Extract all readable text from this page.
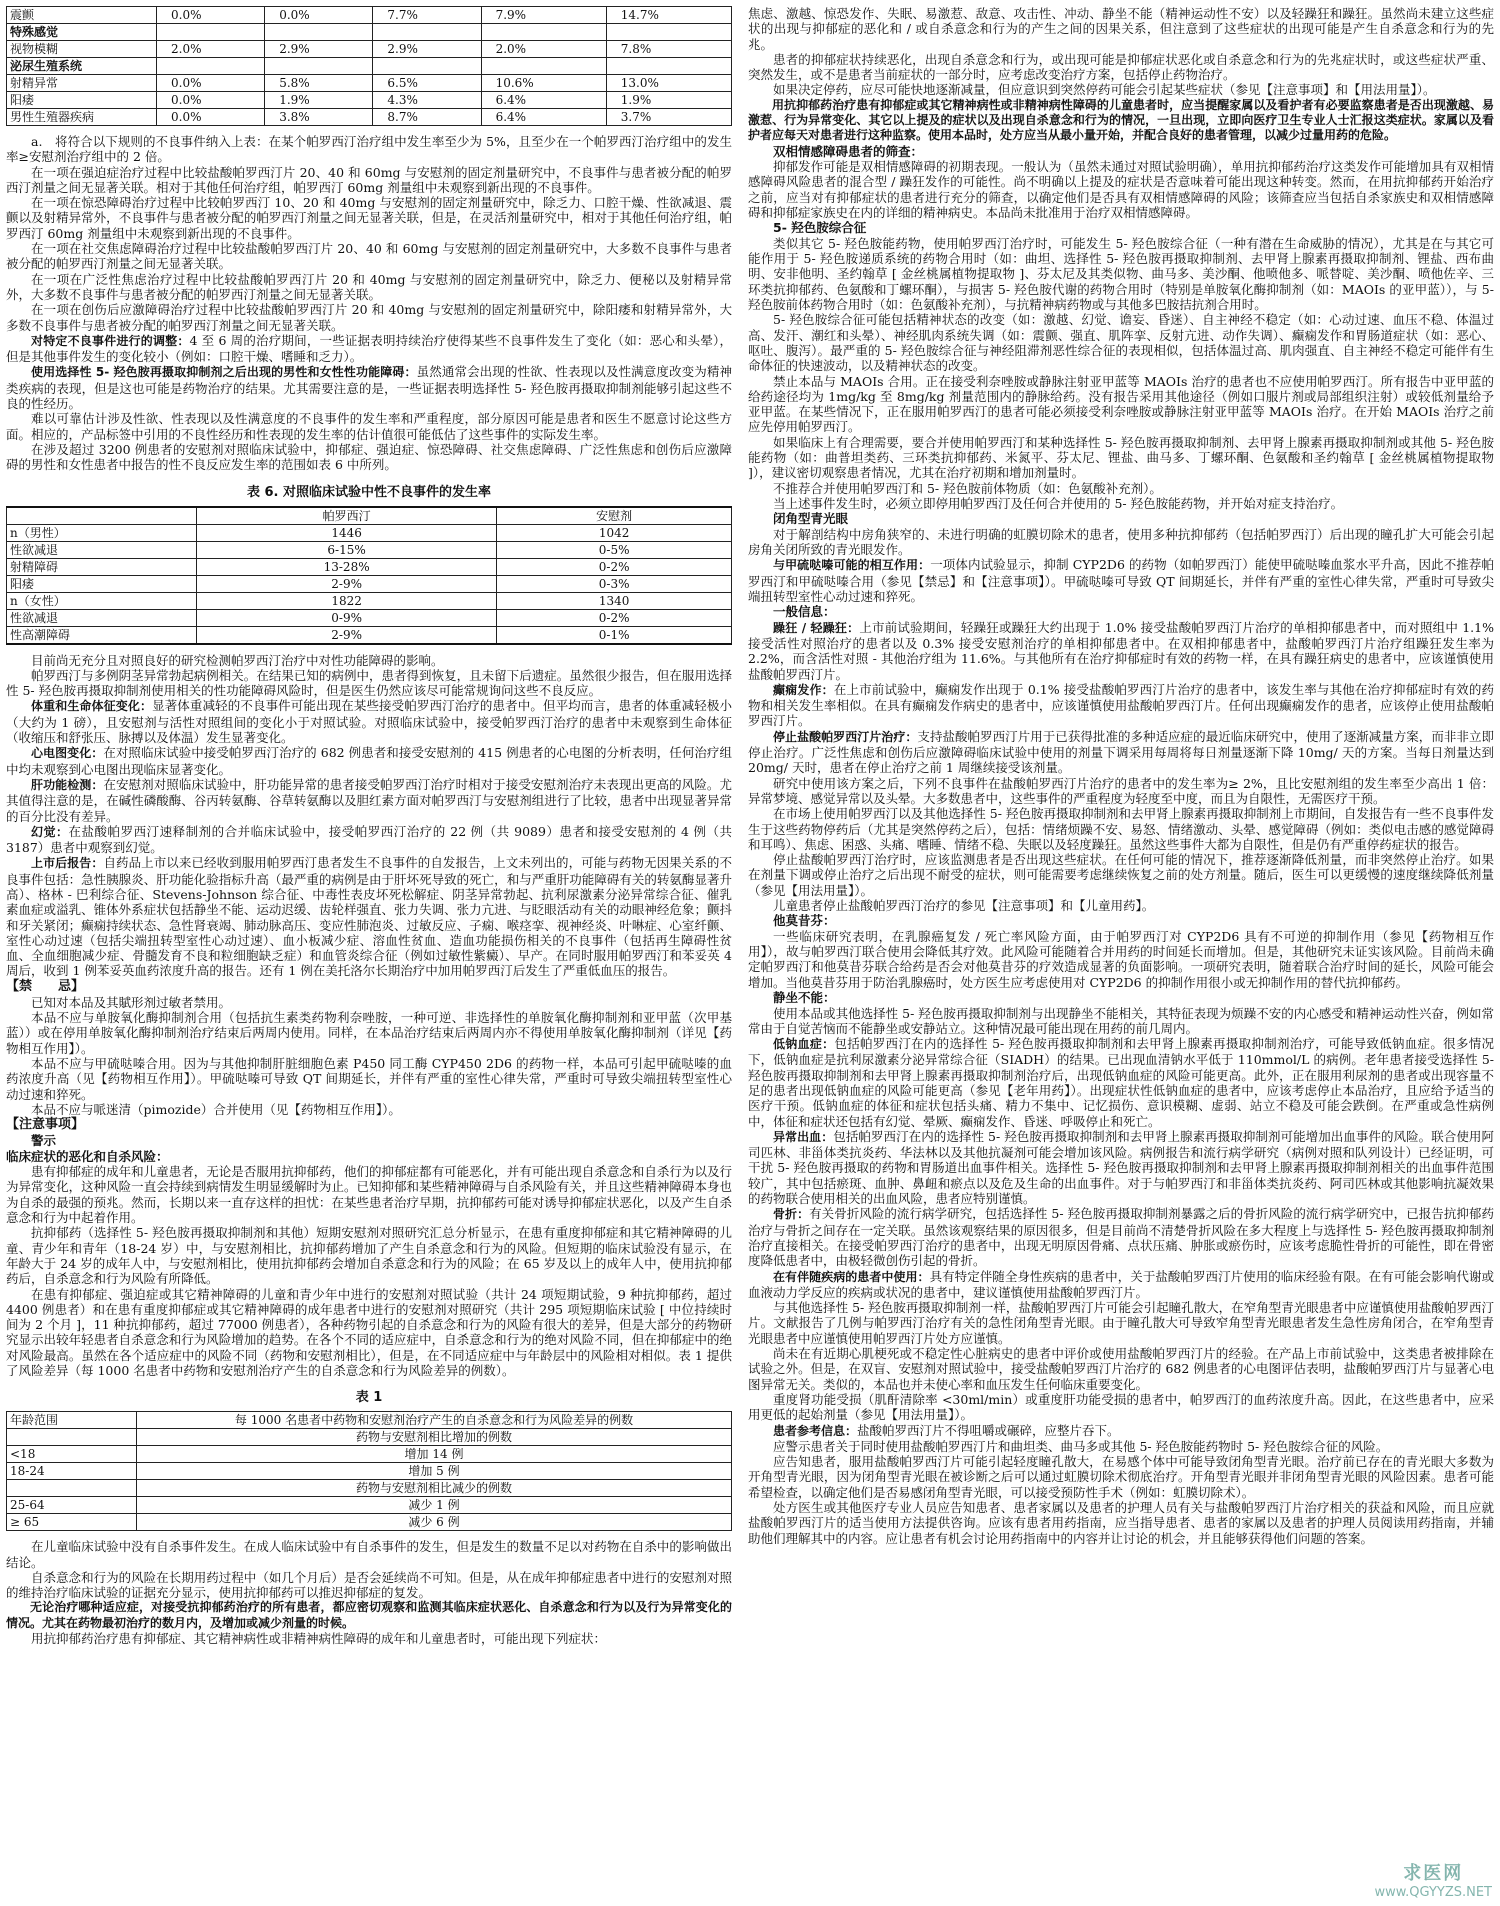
震颤	0.0%	0.0%	7.7%	7.9%	14.7%
特殊感觉					
视物模糊	2.0%	2.9%	2.9%	2.0%	7.8%
泌尿生殖系统					
射精异常	0.0%	5.8%	6.5%	10.6%	13.0%
阳痿	0.0%	1.9%	4.3%	6.4%	1.9%
男性生殖器疾病	0.0%	3.8%	8.7%	6.4%	3.7%

a.　将符合以下规则的不良事件纳入上表：在某个帕罗西汀治疗组中发生率至少为 5%，且至少在一个帕罗西汀治疗组中的发生率≥安慰剂治疗组中的 2 倍。

在一项在强迫症治疗过程中比较盐酸帕罗西汀片 20、40 和 60mg 与安慰剂的固定剂量研究中，不良事件与患者被分配的帕罗西汀剂量之间无显著关联。相对于其他任何治疗组，帕罗西汀 60mg 剂量组中未观察到新出现的不良事件。

在一项在惊恐障碍治疗过程中比较帕罗西汀 10、20 和 40mg 与安慰剂的固定剂量研究中，除乏力、口腔干燥、性欲减退、震颤以及射精异常外，不良事件与患者被分配的帕罗西汀剂量之间无显著关联，但是，在灵活剂量研究中，相对于其他任何治疗组，帕罗西汀 60mg 剂量组中未观察到新出现的不良事件。

在一项在社交焦虑障碍治疗过程中比较盐酸帕罗西汀片 20、40 和 60mg 与安慰剂的固定剂量研究中，大多数不良事件与患者被分配的帕罗西汀剂量之间无显著关联。

在一项在广泛性焦虑治疗过程中比较盐酸帕罗西汀片 20 和 40mg 与安慰剂的固定剂量研究中，除乏力、便秘以及射精异常外，大多数不良事件与患者被分配的帕罗西汀剂量之间无显著关联。

在一项在创伤后应激障碍治疗过程中比较盐酸帕罗西汀片 20 和 40mg 与安慰剂的固定剂量研究中，除阳痿和射精异常外，大多数不良事件与患者被分配的帕罗西汀剂量之间无显著关联。

对特定不良事件进行的调整：4 至 6 周的治疗期间，一些证据表明持续治疗使得某些不良事件发生了变化（如：恶心和头晕），但是其他事件发生的变化较小（例如：口腔干燥、嗜睡和乏力）。

使用选择性 5- 羟色胺再摄取抑制剂之后出现的男性和女性性功能障碍：虽然通常会出现的性欲、性表现以及性满意度改变为精神类疾病的表现，但是这也可能是药物治疗的结果。尤其需要注意的是，一些证据表明选择性 5- 羟色胺再摄取抑制剂能够引起这些不良的性经历。

难以可靠估计涉及性欲、性表现以及性满意度的不良事件的发生率和严重程度，部分原因可能是患者和医生不愿意讨论这些方面。相应的，产品标签中引用的不良性经历和性表现的发生率的估计值很可能低估了这些事件的实际发生率。

在涉及超过 3200 例患者的安慰剂对照临床试验中，抑郁症、强迫症、惊恐障碍、社交焦虑障碍、广泛性焦虑和创伤后应激障碍的男性和女性患者中报告的性不良反应发生率的范围如表 6 中所列。

表 6. 对照临床试验中性不良事件的发生率
	帕罗西汀	安慰剂
n（男性）	1446	1042
性欲减退	6-15%	0-5%
射精障碍	13-28%	0-2%
阳痿	2-9%	0-3%
n（女性）	1822	1340
性欲减退	0-9%	0-2%
性高潮障碍	2-9%	0-1%

目前尚无充分且对照良好的研究检测帕罗西汀治疗中对性功能障碍的影响。

帕罗西汀与多例阴茎异常勃起病例相关。在结果已知的病例中，患者得到恢复，且未留下后遗症。虽然很少报告，但在服用选择性 5- 羟色胺再摄取抑制剂使用相关的性功能障碍风险时，但是医生仍然应该尽可能常规询问这些不良反应。

体重和生命体征变化：显著体重减轻的不良事件可能出现在某些接受帕罗西汀治疗的患者中。但平均而言，患者的体重减轻极小（大约为 1 磅），且安慰剂与活性对照组间的变化小于对照试验。对照临床试验中，接受帕罗西汀治疗的患者中未观察到生命体征（收缩压和舒张压、脉搏以及体温）发生显著变化。

心电图变化：在对照临床试验中接受帕罗西汀治疗的 682 例患者和接受安慰剂的 415 例患者的心电图的分析表明，任何治疗组中均未观察到心电图出现临床显著变化。

肝功能检测：在安慰剂对照临床试验中，肝功能异常的患者接受帕罗西汀治疗时相对于接受安慰剂治疗未表现出更高的风险。尤其值得注意的是，在碱性磷酸酶、谷丙转氨酶、谷草转氨酶以及胆红素方面对帕罗西汀与安慰剂组进行了比较，患者中出现显著异常的百分比没有差异。

幻觉：在盐酸帕罗西汀速释制剂的合并临床试验中，接受帕罗西汀治疗的 22 例（共 9089）患者和接受安慰剂的 4 例（共 3187）患者中观察到幻觉。

上市后报告：自药品上市以来已经收到服用帕罗西汀患者发生不良事件的自发报告，上文未列出的，可能与药物无因果关系的不良事件包括：急性胰腺炎、肝功能化验指标升高（最严重的病例是由于肝坏死导致的死亡，和与严重肝功能障碍有关的转氨酶显著升高）、格林 - 巴利综合征、Stevens-Johnson 综合征、中毒性表皮坏死松解症、阴茎异常勃起、抗利尿激素分泌异常综合征、催乳素血症或溢乳、锥体外系症状包括静坐不能、运动迟缓、齿轮样强直、张力失调、张力亢进、与眨眼活动有关的动眼神经危象；颤抖和牙关紧闭；癫痫持续状态、急性肾衰竭、肺动脉高压、变应性肺泡炎、过敏反应、子痫、喉痉挛、视神经炎、叶啉症、心室纤颤、室性心动过速（包括尖端扭转型室性心动过速）、血小板减少症、溶血性贫血、造血功能损伤相关的不良事件（包括再生障碍性贫血、全血细胞减少症、骨髓发育不良和粒细胞缺乏症）和血管炎综合征（例如过敏性紫癜）、早产。在同时服用帕罗西汀和苯妥英 4 周后，收到 1 例苯妥英血药浓度升高的报告。还有 1 例在美托洛尔长期治疗中加用帕罗西汀后发生了严重低血压的报告。

【禁　　忌】

已知对本品及其賦形剂过敏者禁用。

本品不应与单胺氧化酶抑制剂合用（包括抗生素类药物利奈唑胺，一种可逆、非选择性的单胺氧化酶抑制剂和亚甲蓝（次甲基蓝））或在停用单胺氧化酶抑制剂治疗结束后两周内使用。同样，在本品治疗结束后两周内亦不得使用单胺氧化酶抑制剂（详见【药物相互作用】）。

本品不应与甲硫哒嗪合用。因为与其他抑制肝脏细胞色素 P450 同工酶 CYP450 2D6 的药物一样，本品可引起甲硫哒嗪的血药浓度升高（见【药物相互作用】）。甲硫哒嗪可导致 QT 间期延长，并伴有严重的室性心律失常，严重时可导致尖端扭转型室性心动过速和猝死。

本品不应与哌迷清（pimozide）合并使用（见【药物相互作用】）。

【注意事项】

警示

临床症状的恶化和自杀风险：

患有抑郁症的成年和儿童患者，无论是否服用抗抑郁药，他们的抑郁症都有可能恶化，并有可能出现自杀意念和自杀行为以及行为异常变化，这种风险一直会持续到病情发生明显缓解时为止。已知抑郁和某些精神障碍与自杀风险有关，并且这些精神障碍本身也为自杀的最强的预兆。然而，长期以来一直存这样的担忧：在某些患者治疗早期，抗抑郁药可能对诱导抑郁症状恶化，以及产生自杀意念和行为中起着作用。

抗抑郁药（选择性 5- 羟色胺再摄取抑制剂和其他）短期安慰剂对照研究汇总分析显示，在患有重度抑郁症和其它精神障碍的儿童、青少年和青年（18-24 岁）中，与安慰剂相比，抗抑郁药增加了产生自杀意念和行为的风险。但短期的临床试验没有显示，在年龄大于 24 岁的成年人中，与安慰剂相比，使用抗抑郁药会增加自杀意念和行为的风险；在 65 岁及以上的成年人中，使用抗抑郁药后，自杀意念和行为风险有所降低。

在患有抑郁症、强迫症或其它精神障碍的儿童和青少年中进行的安慰剂对照试验（共计 24 项短期试验，9 种抗抑郁药，超过 4400 例患者）和在患有重度抑郁症或其它精神障碍的成年患者中进行的安慰剂对照研究（共计 295 项短期临床试验 [ 中位持续时间为 2 个月 ]，11 种抗抑郁药，超过 77000 例患者），各种药物引起的自杀意念和行为的风险有很大的差异，但是大部分的药物研究显示出较年轻患者自杀意念和行为风险增加的趋势。在各个不同的适应症中，自杀意念和行为的绝对风险不同，但在抑郁症中的绝对风险最高。虽然在各个适应症中的风险不同（药物和安慰剂相比），但是，在不同适应症中与年龄层中的风险相对相似。表 1 提供了风险差异（每 1000 名患者中药物和安慰剂治疗产生的自杀意念和行为风险差异的例数）。

表 1
年龄范围	每 1000 名患者中药物和安慰剂治疗产生的自杀意念和行为风险差异的例数
	药物与安慰剂相比增加的例数
<18	增加 14 例
18-24	增加 5 例
	药物与安慰剂相比减少的例数
25-64	减少 1 例
≥ 65	减少 6 例

在儿童临床试验中没有自杀事件发生。在成人临床试验中有自杀事件的发生，但是发生的数量不足以对药物在自杀中的影响做出结论。

自杀意念和行为的风险在长期用药过程中（如几个月后）是否会延续尚不可知。但是，从在成年抑郁症患者中进行的安慰剂对照的维持治疗临床试验的证据充分显示，使用抗抑郁药可以推迟抑郁症的复发。

无论治疗哪种适应症，对接受抗抑郁药治疗的所有患者，都应密切观察和监测其临床症状恶化、自杀意念和行为以及行为异常变化的情况。尤其在药物最初治疗的数月内，及增加或减少剂量的时候。

用抗抑郁药治疗患有抑郁症、其它精神病性或非精神病性障碍的成年和儿童患者时，可能出现下列症状：

焦虑、激越、惊恐发作、失眠、易激惹、敌意、攻击性、冲动、静坐不能（精神运动性不安）以及轻躁狂和躁狂。虽然尚未建立这些症状的出现与抑郁症的恶化和 / 或自杀意念和行为的产生之间的因果关系，但注意到了这些症状的出现可能是产生自杀意念和行为的先兆。

患者的抑郁症状持续恶化，出现自杀意念和行为，或出现可能是抑郁症状恶化或自杀意念和行为的先兆症状时，或这些症状严重、突然发生，或不是患者当前症状的一部分时，应考虑改变治疗方案，包括停止药物治疗。

如果决定停药，应尽可能快地逐渐减量，但应意识到突然停药可能会引起某些症状（参见【注意事项】和【用法用量】）。

用抗抑郁药治疗患有抑郁症或其它精神病性或非精神病性障碍的儿童患者时，应当提醒家属以及看护者有必要监察患者是否出现激越、易激惹、行为异常变化、其它以上提及的症状以及出现自杀意念和行为的情况，一旦出现，立即向医疗卫生专业人士汇报这类症状。家属以及看护者应每天对患者进行这种监察。使用本品时，处方应当从最小量开始，并配合良好的患者管理，以减少过量用药的危险。

双相情感障碍患者的筛查：

抑郁发作可能是双相情感障碍的初期表现。一般认为（虽然未通过对照试验明确），单用抗抑郁药治疗这类发作可能增加具有双相情感障碍风险患者的混合型 / 躁狂发作的可能性。尚不明确以上提及的症状是否意味着可能出现这种转变。然而，在用抗抑郁药开始治疗之前，应当对有抑郁症状的患者进行充分的筛查，以确定他们是否具有双相情感障碍的风险；该筛查应当包括自杀家族史和双相情感障碍和抑郁症家族史在内的详细的精神病史。本品尚未批准用于治疗双相情感障碍。

5- 羟色胺综合征

类似其它 5- 羟色胺能药物，使用帕罗西汀治疗时，可能发生 5- 羟色胺综合征（一种有潜在生命威胁的情况），尤其是在与其它可能作用于 5- 羟色胺递质系统的药物合用时（如：曲坦、选择性 5- 羟色胺再摄取抑制剂、去甲肾上腺素再摄取抑制剂、锂盐、西布曲明、安非他明、圣约翰草 [ 金丝桃属植物提取物 ]、芬太尼及其类似物、曲马多、美沙酮、他喷他多、哌替啶、美沙酮、喷他佐辛、三环类抗抑郁药、色氨酸和丁螺环酮），与损害 5- 羟色胺代谢的药物合用时（特别是单胺氧化酶抑制剂（如：MAOIs 的亚甲蓝）），与 5- 羟色胺前体药物合用时（如：色氨酸补充剂），与抗精神病药物或与其他多巴胺拮抗剂合用时。

5- 羟色胺综合征可能包括精神状态的改变（如：激越、幻觉、谵妄、昏迷）、自主神经不稳定（如：心动过速、血压不稳、体温过高、发汗、潮红和头晕）、神经肌肉系统失调（如：震颤、强直、肌阵挛、反射亢进、动作失调）、癫痫发作和胃肠道症状（如：恶心、呕吐、腹泻）。最严重的 5- 羟色胺综合征与神经阻滞剂恶性综合征的表现相似，包括体温过高、肌肉强直、自主神经不稳定可能伴有生命体征的快速波动，以及精神状态的改变。

禁止本品与 MAOIs 合用。正在接受利奈唑胺或静脉注射亚甲蓝等 MAOIs 治疗的患者也不应使用帕罗西汀。所有报告中亚甲蓝的给药途径均为 1mg/kg 至 8mg/kg 剂量范围内的静脉给药。没有报告采用其他途径（例如口服片剂或局部组织注射）或较低剂量给予亚甲蓝。在某些情况下，正在服用帕罗西汀的患者可能必须接受利奈唑胺或静脉注射亚甲蓝等 MAOIs 治疗。在开始 MAOIs 治疗之前应先停用帕罗西汀。

如果临床上有合理需要，要合并使用帕罗西汀和某种选择性 5- 羟色胺再摄取抑制剂、去甲肾上腺素再摄取抑制剂或其他 5- 羟色胺能药物（如：曲普坦类药、三环类抗抑郁药、米氮平、芬太尼、锂盐、曲马多、丁螺环酮、色氨酸和圣约翰草 [ 金丝桃属植物提取物 ]），建议密切观察患者情况，尤其在治疗初期和增加剂量时。

不推荐合并使用帕罗西汀和 5- 羟色胺前体物质（如：色氨酸补充剂）。

当上述事件发生时，必须立即停用帕罗西汀及任何合并使用的 5- 羟色胺能药物，并开始对症支持治疗。

闭角型青光眼

对于解剖结构中房角狭窄的、未进行明确的虹膜切除术的患者，使用多种抗抑郁药（包括帕罗西汀）后出现的瞳孔扩大可能会引起房角关闭所致的青光眼发作。

与甲硫哒嗪可能的相互作用：一项体内试验显示，抑制 CYP2D6 的药物（如帕罗西汀）能使甲硫哒嗪血浆水平升高，因此不推荐帕罗西汀和甲硫哒嗪合用（参见【禁忌】和【注意事项】）。甲硫哒嗪可导致 QT 间期延长，并伴有严重的室性心律失常，严重时可导致尖端扭转型室性心动过速和猝死。

一般信息：

躁狂 / 轻躁狂：上市前试验期间，轻躁狂或躁狂大约出现于 1.0% 接受盐酸帕罗西汀片治疗的单相抑郁患者中，而对照组中 1.1% 接受活性对照治疗的患者以及 0.3% 接受安慰剂治疗的单相抑郁患者中。在双相抑郁患者中，盐酸帕罗西汀片治疗组躁狂发生率为 2.2%，而含活性对照 - 其他治疗组为 11.6%。与其他所有在治疗抑郁症时有效的药物一样，在具有躁狂病史的患者中，应该谨慎使用盐酸帕罗西汀片。

癫痫发作：在上市前试验中，癫痫发作出现于 0.1% 接受盐酸帕罗西汀片治疗的患者中，该发生率与其他在治疗抑郁症时有效的药物和相关发生率相似。在具有癫痫发作病史的患者中，应该谨慎使用盐酸帕罗西汀片。任何出现癫痫发作的患者，应该停止使用盐酸帕罗西汀片。

停止盐酸帕罗西汀片治疗：支持盐酸帕罗西汀片用于已获得批准的多种适应症的最近临床研究中，使用了逐渐减量方案，而非非立即停止治疗。广泛性焦虑和创伤后应激障碍临床试验中使用的剂量下调采用每周将每日剂量逐渐下降 10mg/ 天的方案。当每日剂量达到 20mg/ 天时，患者在停止治疗之前 1 周继续接受该剂量。

研究中使用该方案之后，下列不良事件在盐酸帕罗西汀片治疗的患者中的发生率为≥ 2%，且比安慰剂组的发生率至少高出 1 倍：异常梦境、感觉异常以及头晕。大多数患者中，这些事件的严重程度为轻度至中度，而且为自限性，无需医疗干预。

在市场上使用帕罗西汀以及其他选择性 5- 羟色胺再摄取抑制剂和去甲肾上腺素再摄取抑制剂上市期间，自发报告有一些不良事件发生于这些药物停药后（尤其是突然停药之后），包括：情绪烦躁不安、易怒、情绪激动、头晕、感觉障碍（例如：类似电击感的感觉障碍和耳鸣）、焦虑、困惑、头痛、嗜睡、情绪不稳、失眠以及轻度躁狂。虽然这些事件大都为自限性，但是仍有严重停药症状的报告。

停止盐酸帕罗西汀治疗时，应该监测患者是否出现这些症状。在任何可能的情况下，推荐逐渐降低剂量，而非突然停止治疗。如果在剂量下调或停止治疗之后出现不耐受的症状，则可能需要考虑继续恢复之前的处方剂量。随后，医生可以更缓慢的速度继续降低剂量（参见【用法用量】）。

儿童患者停止盐酸帕罗西汀治疗的参见【注意事项】和【儿童用药】。

他莫昔芬：

一些临床研究表明，在乳腺癌复发 / 死亡率风险方面，由于帕罗西汀对 CYP2D6 具有不可逆的抑制作用（参见【药物相互作用】），故与帕罗西汀联合使用会降低其疗效。此风险可能随着合并用药的时间延长而增加。但是，其他研究未证实该风险。目前尚未确定帕罗西汀和他莫昔芬联合给药是否会对他莫昔芬的疗效造成显著的负面影响。一项研究表明，随着联合治疗时间的延长，风险可能会增加。当他莫昔芬用于防治乳腺癌时，处方医生应考虑使用对 CYP2D6 的抑制作用很小或无抑制作用的替代抗抑郁药。

静坐不能：

使用本品或其他选择性 5- 羟色胺再摄取抑制剂与出现静坐不能相关，其特征表现为烦躁不安的内心感受和精神运动性兴奋，例如常常由于自觉苦恼而不能静坐或安静站立。这种情况最可能出现在用药的前几周内。

低钠血症：包括帕罗西汀在内的选择性 5- 羟色胺再摄取抑制剂和去甲肾上腺素再摄取抑制剂治疗，可能导致低钠血症。很多情况下，低钠血症是抗利尿激素分泌异常综合征（SIADH）的结果。已出现血清钠水平低于 110mmol/L 的病例。老年患者接受选择性 5- 羟色胺再摄取抑制剂和去甲肾上腺素再摄取抑制剂治疗后，出现低钠血症的风险可能更高。此外，正在服用利尿剂的患者或出现容量不足的患者出现低钠血症的风险可能更高（参见【老年用药】）。出现症状性低钠血症的患者中，应该考虑停止本品治疗，且应给予适当的医疗干预。低钠血症的体征和症状包括头痛、精力不集中、记忆损伤、意识模糊、虚弱、站立不稳及可能会跌倒。在严重或急性病例中，体征和症状还包括有幻觉、晕厥、癫痫发作、昏迷、呼吸停止和死亡。

异常出血：包括帕罗西汀在内的选择性 5- 羟色胺再摄取抑制剂和去甲肾上腺素再摄取抑制剂可能增加出血事件的风险。联合使用阿司匹林、非甾体类抗炎药、华法林以及其他抗凝剂可能会增加该风险。病例报告和流行病学研究（病例对照和队列设计）已经证明，可干扰 5- 羟色胺再摄取的药物和胃肠道出血事件相关。选择性 5- 羟色胺再摄取抑制剂和去甲肾上腺素再摄取抑制剂相关的出血事件范围较广，其中包括瘀斑、血肿、鼻衄和瘀点以及危及生命的出血事件。对于与帕罗西汀和非甾体类抗炎药、阿司匹林或其他影响抗凝效果的药物联合使用相关的出血风险，患者应特别谨慎。

骨折：有关骨折风险的流行病学研究，包括选择性 5- 羟色胺再摄取抑制剂暴露之后的骨折风险的流行病学研究中，已报告抗抑郁药治疗与骨折之间存在一定关联。虽然该观察结果的原因很多，但是目前尚不清楚骨折风险在多大程度上与选择性 5- 羟色胺再摄取抑制剂治疗直接相关。在接受帕罗西汀治疗的患者中，出现无明原因骨痛、点状压痛、肿胀或瘀伤时，应该考虑脆性骨折的可能性，即在骨密度降低患者中，由极轻微创伤引起的骨折。

在有伴随疾病的患者中使用：具有特定伴随全身性疾病的患者中，关于盐酸帕罗西汀片使用的临床经验有限。在有可能会影响代谢或血液动力学反应的疾病或状况的患者中，建议谨慎使用盐酸帕罗西汀片。

与其他选择性 5- 羟色胺再摄取抑制剂一样，盐酸帕罗西汀片可能会引起瞳孔散大，在窄角型青光眼患者中应谨慎使用盐酸帕罗西汀片。文献报告了几例与帕罗西汀治疗有关的急性闭角型青光眼。由于瞳孔散大可导致窄角型青光眼患者发生急性房角闭合，在窄角型青光眼患者中应谨慎使用帕罗西汀片处方应谨慎。

尚未在有近期心肌梗死或不稳定性心脏病史的患者中评价或使用盐酸帕罗西汀片的经验。在产品上市前试验中，这类患者被排除在试验之外。但是，在双盲、安慰剂对照试验中，接受盐酸帕罗西汀片治疗的 682 例患者的心电图评估表明，盐酸帕罗西汀片与显著心电图异常无关。类似的，本品也并未使心率和血压发生任何临床重要变化。

重度肾功能受损（肌酐清除率 <30ml/min）或重度肝功能受损的患者中，帕罗西汀的血药浓度升高。因此，在这些患者中，应采用更低的起始剂量（参见【用法用量】）。

患者参考信息：盐酸帕罗西汀片不得咀嚼或碾碎，应整片吞下。

应警示患者关于同时使用盐酸帕罗西汀片和曲坦类、曲马多或其他 5- 羟色胺能药物时 5- 羟色胺综合征的风险。

应告知患者，服用盐酸帕罗西汀片可能引起轻度瞳孔散大，在易感个体中可能导致闭角型青光眼。治疗前已存在的青光眼大多数为开角型青光眼，因为闭角型青光眼在被诊断之后可以通过虹膜切除术彻底治疗。开角型青光眼并非闭角型青光眼的风险因素。患者可能希望检查，以确定他们是否易感闭角型青光眼，可以接受预防性手术（例如：虹膜切除术）。

处方医生或其他医疗专业人员应告知患者、患者家属以及患者的护理人员有关与盐酸帕罗西汀片治疗相关的获益和风险，而且应就盐酸帕罗西汀片的适当使用方法提供咨询。应该有患者用药指南，应当指导患者、患者的家属以及患者的护理人员阅读用药指南，并辅助他们理解其中的内容。应让患者有机会讨论用药指南中的内容并让讨论的机会，并且能够获得他们问题的答案。

求医网
www.QGYYZS.NET
